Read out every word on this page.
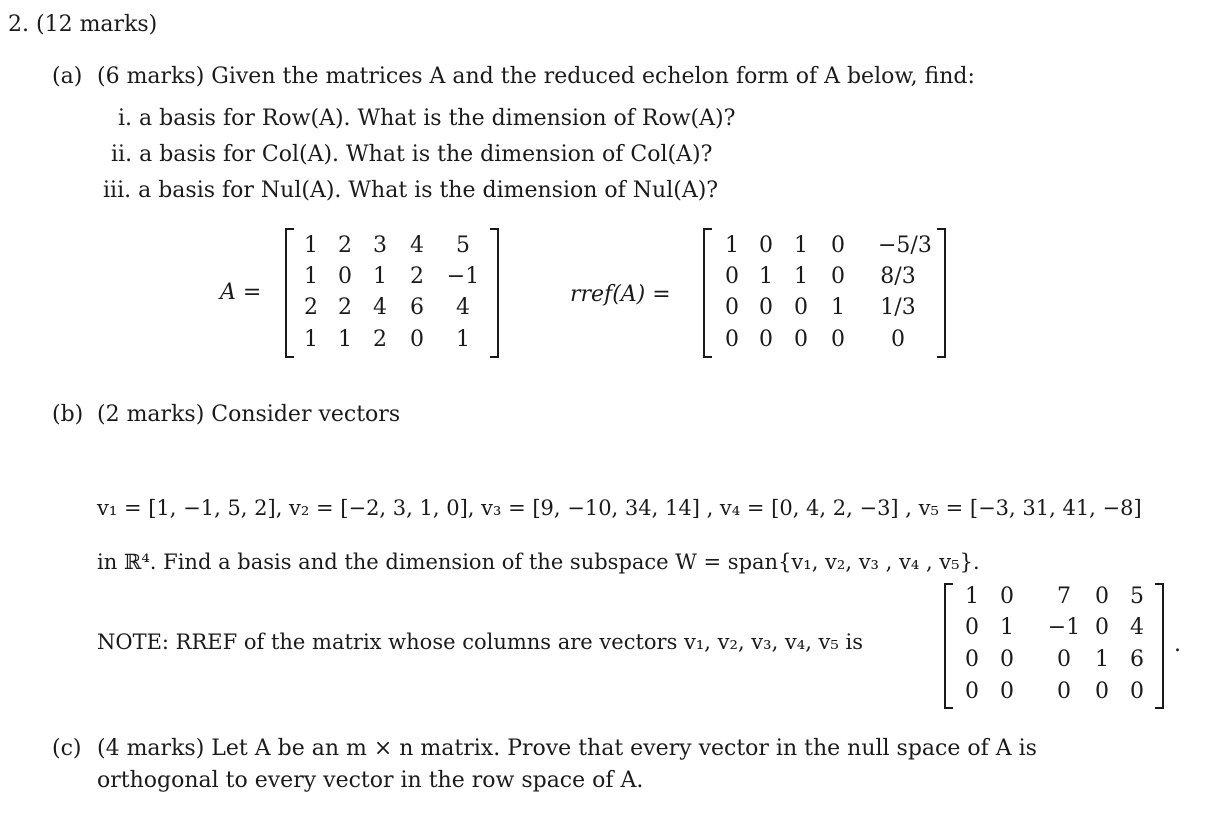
2. (12 marks)
(a) (6 marks) Given the matrices A and the reduced echelon form of A below, find:
i. a basis for Row(A). What is the dimension of Row(A)?
ii. a basis for Col(A). What is the dimension of Col(A)?
iii. a basis for Nul(A). What is the dimension of Nul(A)?
A =
1 2 3	4	5
1 0 1	2	−1
2 2 4	6	4
1 1 2	0	1
rref(A) =
1 0 1	0	−5/3
0 1 1	0	8/3
0 0 0	1	1/3
0 0 0	0	0
(b) (2 marks) Consider vectors
v₁ = [1, −1, 5, 2], v₂ = [−2, 3, 1, 0], v₃ = [9, −10, 34, 14] , v₄ = [0, 4, 2, −3] , v₅ = [−3, 31, 41, −8]
in ℝ⁴. Find a basis and the dimension of the subspace W = span{v₁, v₂, v₃ , v₄ , v₅}.
NOTE: RREF of the matrix whose columns are vectors v₁, v₂, v₃, v₄, v₅ is
1 0	7	0 5
0 1	−1 0 4
0 0	0	1 6
0 0	0	0 0
.
(c) (4 marks) Let A be an m × n matrix. Prove that every vector in the null space of A is
orthogonal to every vector in the row space of A.
